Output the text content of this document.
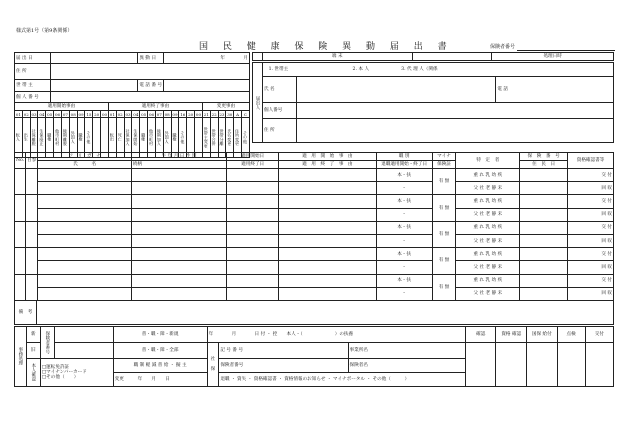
様式第1号（第9条関係）
国 民 健 康 保 険 異 動 届 出 書	保険者番号
届 出 日		異 動 日	年　　　　 月
住 所			
世 帯 主		電 話 番 号	
個 人 番 号			
	端 末		処理日時
届出人	　1. 世帯主　　　　　　　　　　　　　　 2. 本 人　　　　　　　 3. 代 理 人（関係		
	氏 名		電 話
	個人番号		
	住 所		
適用開始事由												適用終了事由												変更事由					
01	02	03	04	05	06	07	08	09	15	20	00	01	02	03	04	05	06	07	08	09	16	20	00	21	22	23	30	A	C
転入	出生	社保離脱	生保廃止	職権	他市町村	後期離脱	外国人	職権	その他			転出	死亡	社保加入	生保開始	職権	他市町村	後期加入	外国人	職権	その他			世帯主変更	世帯合併	世帯分離	氏名変更	住所変更	その他
No.	目参	フ　リ　ガ　ナ	生 年 月 日 性 別	適用開始日	適　用　開　始　事　由	職 別	マイナ	特　定　者	保　険　番　号	資格確認書等
		氏　　　名	続柄	適用終了日	適　用　終　了　事　由	退職適用開始・終了日	保険証		住　民　日	
						本・扶	有 無	重 れ 乳 幼 疾		交 付
						・		父 社 老 静 未		回 収
						本・扶	有 無	重 れ 乳 幼 疾		交 付
						・		父 社 老 静 未		回 収
						本・扶	有 無	重 れ 乳 幼 疾		交 付
						・		父 社 老 静 未		回 収
						本・扶	有 無	重 れ 乳 幼 疾		交 付
						・		父 社 老 静 未		回 収
						本・扶	有 無	重 れ 乳 幼 疾		交 付
						・		父 社 老 静 未		回 収
備　考	
事務処理	新	保険者番号		普・職・障・新規	年　　　　月　　　　日 付 ・ 控　　 本人・（　　　　　　　）の扶養			確認	資格 確認	国保 給付	点検	交付
	旧			普・職・障・全部	社

保	記 号 番 号	事業所名					
	本人確認	□運転免許証
□マイナンバーカード
□その他（　　）		職 制 軽 減 普 給 ・ 擬 主		保険者番号	保険者名					
				変更　　　 年　　月　　日		退職 ・ 資失 ・ 資格確認書 ・ 資格情報のお知らせ ・ マイナポータル ・ その他（　　　）						
